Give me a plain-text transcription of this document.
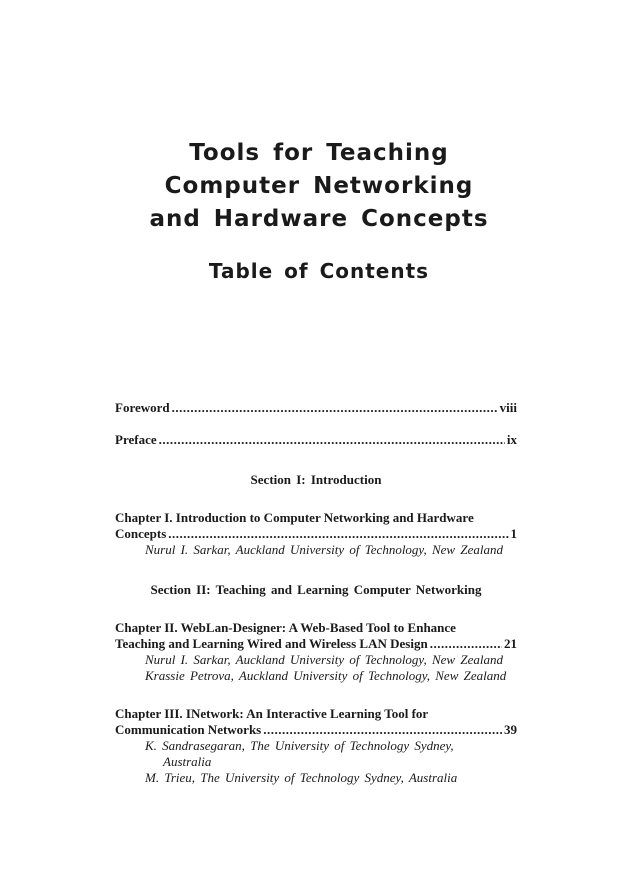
Tools for Teaching

Computer Networking

and Hardware Concepts

Table of Contents

Foreword .....	viii
Preface .....	ix
Section I: Introduction
Chapter I. Introduction to Computer Networking and Hardware
Concepts .....	1
Nurul I. Sarkar, Auckland University of Technology, New Zealand
Section II: Teaching and Learning Computer Networking
Chapter II. WebLan-Designer: A Web-Based Tool to Enhance
Teaching and Learning Wired and Wireless LAN Design .....	21
Nurul I. Sarkar, Auckland University of Technology, New Zealand
Krassie Petrova, Auckland University of Technology, New Zealand
Chapter III. INetwork: An Interactive Learning Tool for
Communication Networks .....	39
K. Sandrasegaran, The University of Technology Sydney,
Australia
M. Trieu, The University of Technology Sydney, Australia
